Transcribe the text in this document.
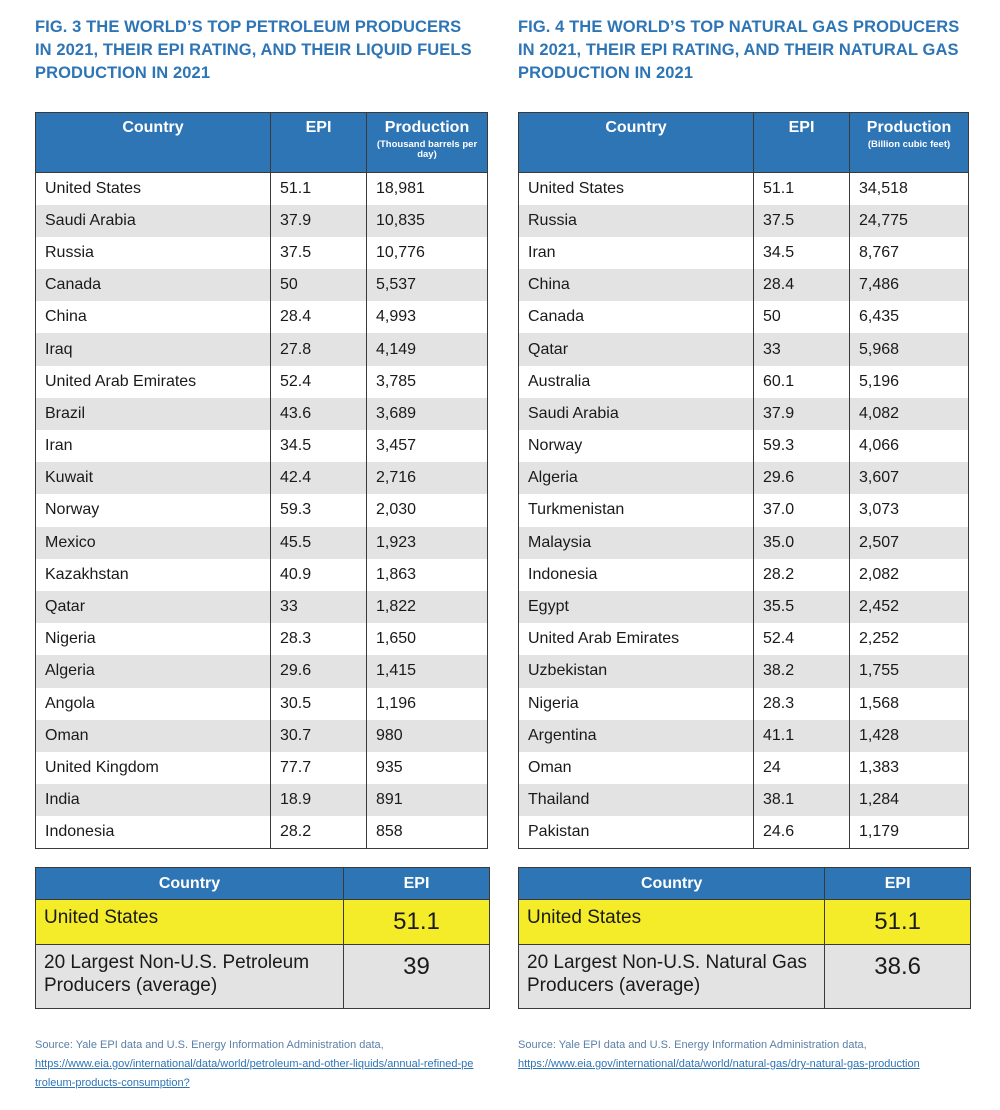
FIG. 3 THE WORLD’S TOP PETROLEUM PRODUCERS IN 2021, THEIR EPI RATING, AND THEIR LIQUID FUELS PRODUCTION IN 2021
Country	EPI	Production
(Thousand barrels per day)

United States	51.1	18,981
Saudi Arabia	37.9	10,835
Russia	37.5	10,776
Canada	50	5,537
China	28.4	4,993
Iraq	27.8	4,149
United Arab Emirates	52.4	3,785
Brazil	43.6	3,689
Iran	34.5	3,457
Kuwait	42.4	2,716
Norway	59.3	2,030
Mexico	45.5	1,923
Kazakhstan	40.9	1,863
Qatar	33	1,822
Nigeria	28.3	1,650
Algeria	29.6	1,415
Angola	30.5	1,196
Oman	30.7	980
United Kingdom	77.7	935
India	18.9	891
Indonesia	28.2	858
Country	EPI
United States	51.1
20 Largest Non-U.S. Petroleum Producers (average)	39
Source: Yale EPI data and U.S. Energy Information Administration data, https://www.eia.gov/international/data/world/petroleum-and-other-liquids/annual-refined-pe troleum-products-consumption?
FIG. 4 THE WORLD’S TOP NATURAL GAS PRODUCERS IN 2021, THEIR EPI RATING, AND THEIR NATURAL GAS PRODUCTION IN 2021
Country	EPI	Production
(Billion cubic feet)

United States	51.1	34,518
Russia	37.5	24,775
Iran	34.5	8,767
China	28.4	7,486
Canada	50	6,435
Qatar	33	5,968
Australia	60.1	5,196
Saudi Arabia	37.9	4,082
Norway	59.3	4,066
Algeria	29.6	3,607
Turkmenistan	37.0	3,073
Malaysia	35.0	2,507
Indonesia	28.2	2,082
Egypt	35.5	2,452
United Arab Emirates	52.4	2,252
Uzbekistan	38.2	1,755
Nigeria	28.3	1,568
Argentina	41.1	1,428
Oman	24	1,383
Thailand	38.1	1,284
Pakistan	24.6	1,179
Country	EPI
United States	51.1
20 Largest Non-U.S. Natural Gas Producers (average)	38.6
Source: Yale EPI data and U.S. Energy Information Administration data, https://www.eia.gov/international/data/world/natural-gas/dry-natural-gas-production
